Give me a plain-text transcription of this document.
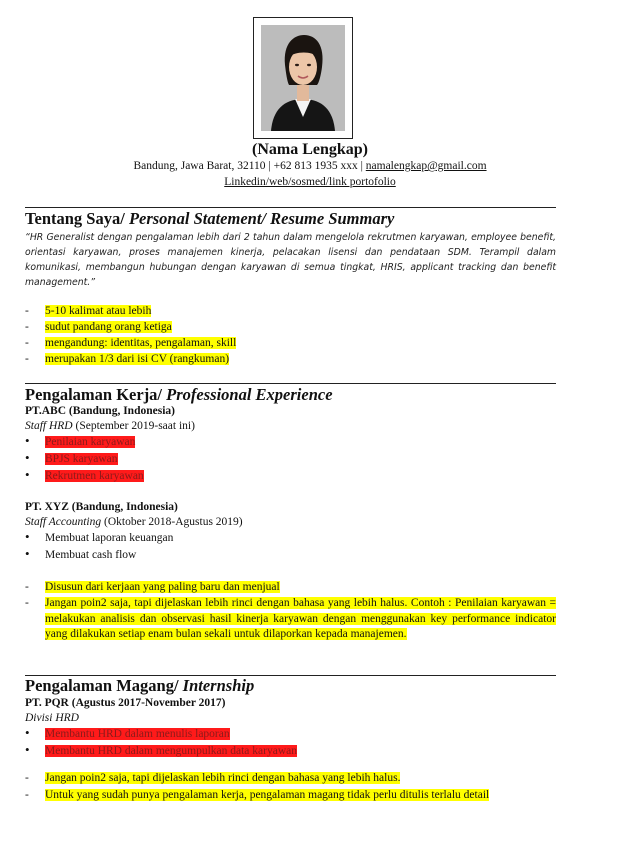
(Nama Lengkap)
Bandung, Jawa Barat, 32110 | +62 813 1935 xxx | namalengkap@gmail.com
Linkedin/web/sosmed/link portofolio
Tentang Saya/ Personal Statement/ Resume Summary
“HR Generalist dengan pengalaman lebih dari 2 tahun dalam mengelola rekrutmen karyawan, employee benefit, orientasi karyawan, proses manajemen kinerja, pelacakan lisensi dan pendataan SDM. Terampil dalam komunikasi, membangun hubungan dengan karyawan di semua tingkat, HRIS, applicant tracking dan benefit management.”
- 5-10 kalimat atau lebih
- sudut pandang orang ketiga
- mengandung: identitas, pengalaman, skill
- merupakan 1/3 dari isi CV (rangkuman)
Pengalaman Kerja/ Professional Experience
PT.ABC (Bandung, Indonesia)
Staff HRD (September 2019-saat ini)
• Penilaian karyawan
• BPJS karyawan
• Rekrutmen karyawan
PT. XYZ (Bandung, Indonesia)
Staff Accounting (Oktober 2018-Agustus 2019)
• Membuat laporan keuangan
• Membuat cash flow
- Disusun dari kerjaan yang paling baru dan menjual
- Jangan poin2 saja, tapi dijelaskan lebih rinci dengan bahasa yang lebih halus. Contoh : Penilaian karyawan = melakukan analisis dan observasi hasil kinerja karyawan dengan menggunakan key performance indicator yang dilakukan setiap enam bulan sekali untuk dilaporkan kepada manajemen.
Pengalaman Magang/ Internship
PT. PQR (Agustus 2017-November 2017)
Divisi HRD
• Membantu HRD dalam menulis laporan
• Membantu HRD dalam mengumpulkan data karyawan
- Jangan poin2 saja, tapi dijelaskan lebih rinci dengan bahasa yang lebih halus.
- Untuk yang sudah punya pengalaman kerja, pengalaman magang tidak perlu ditulis terlalu detail
